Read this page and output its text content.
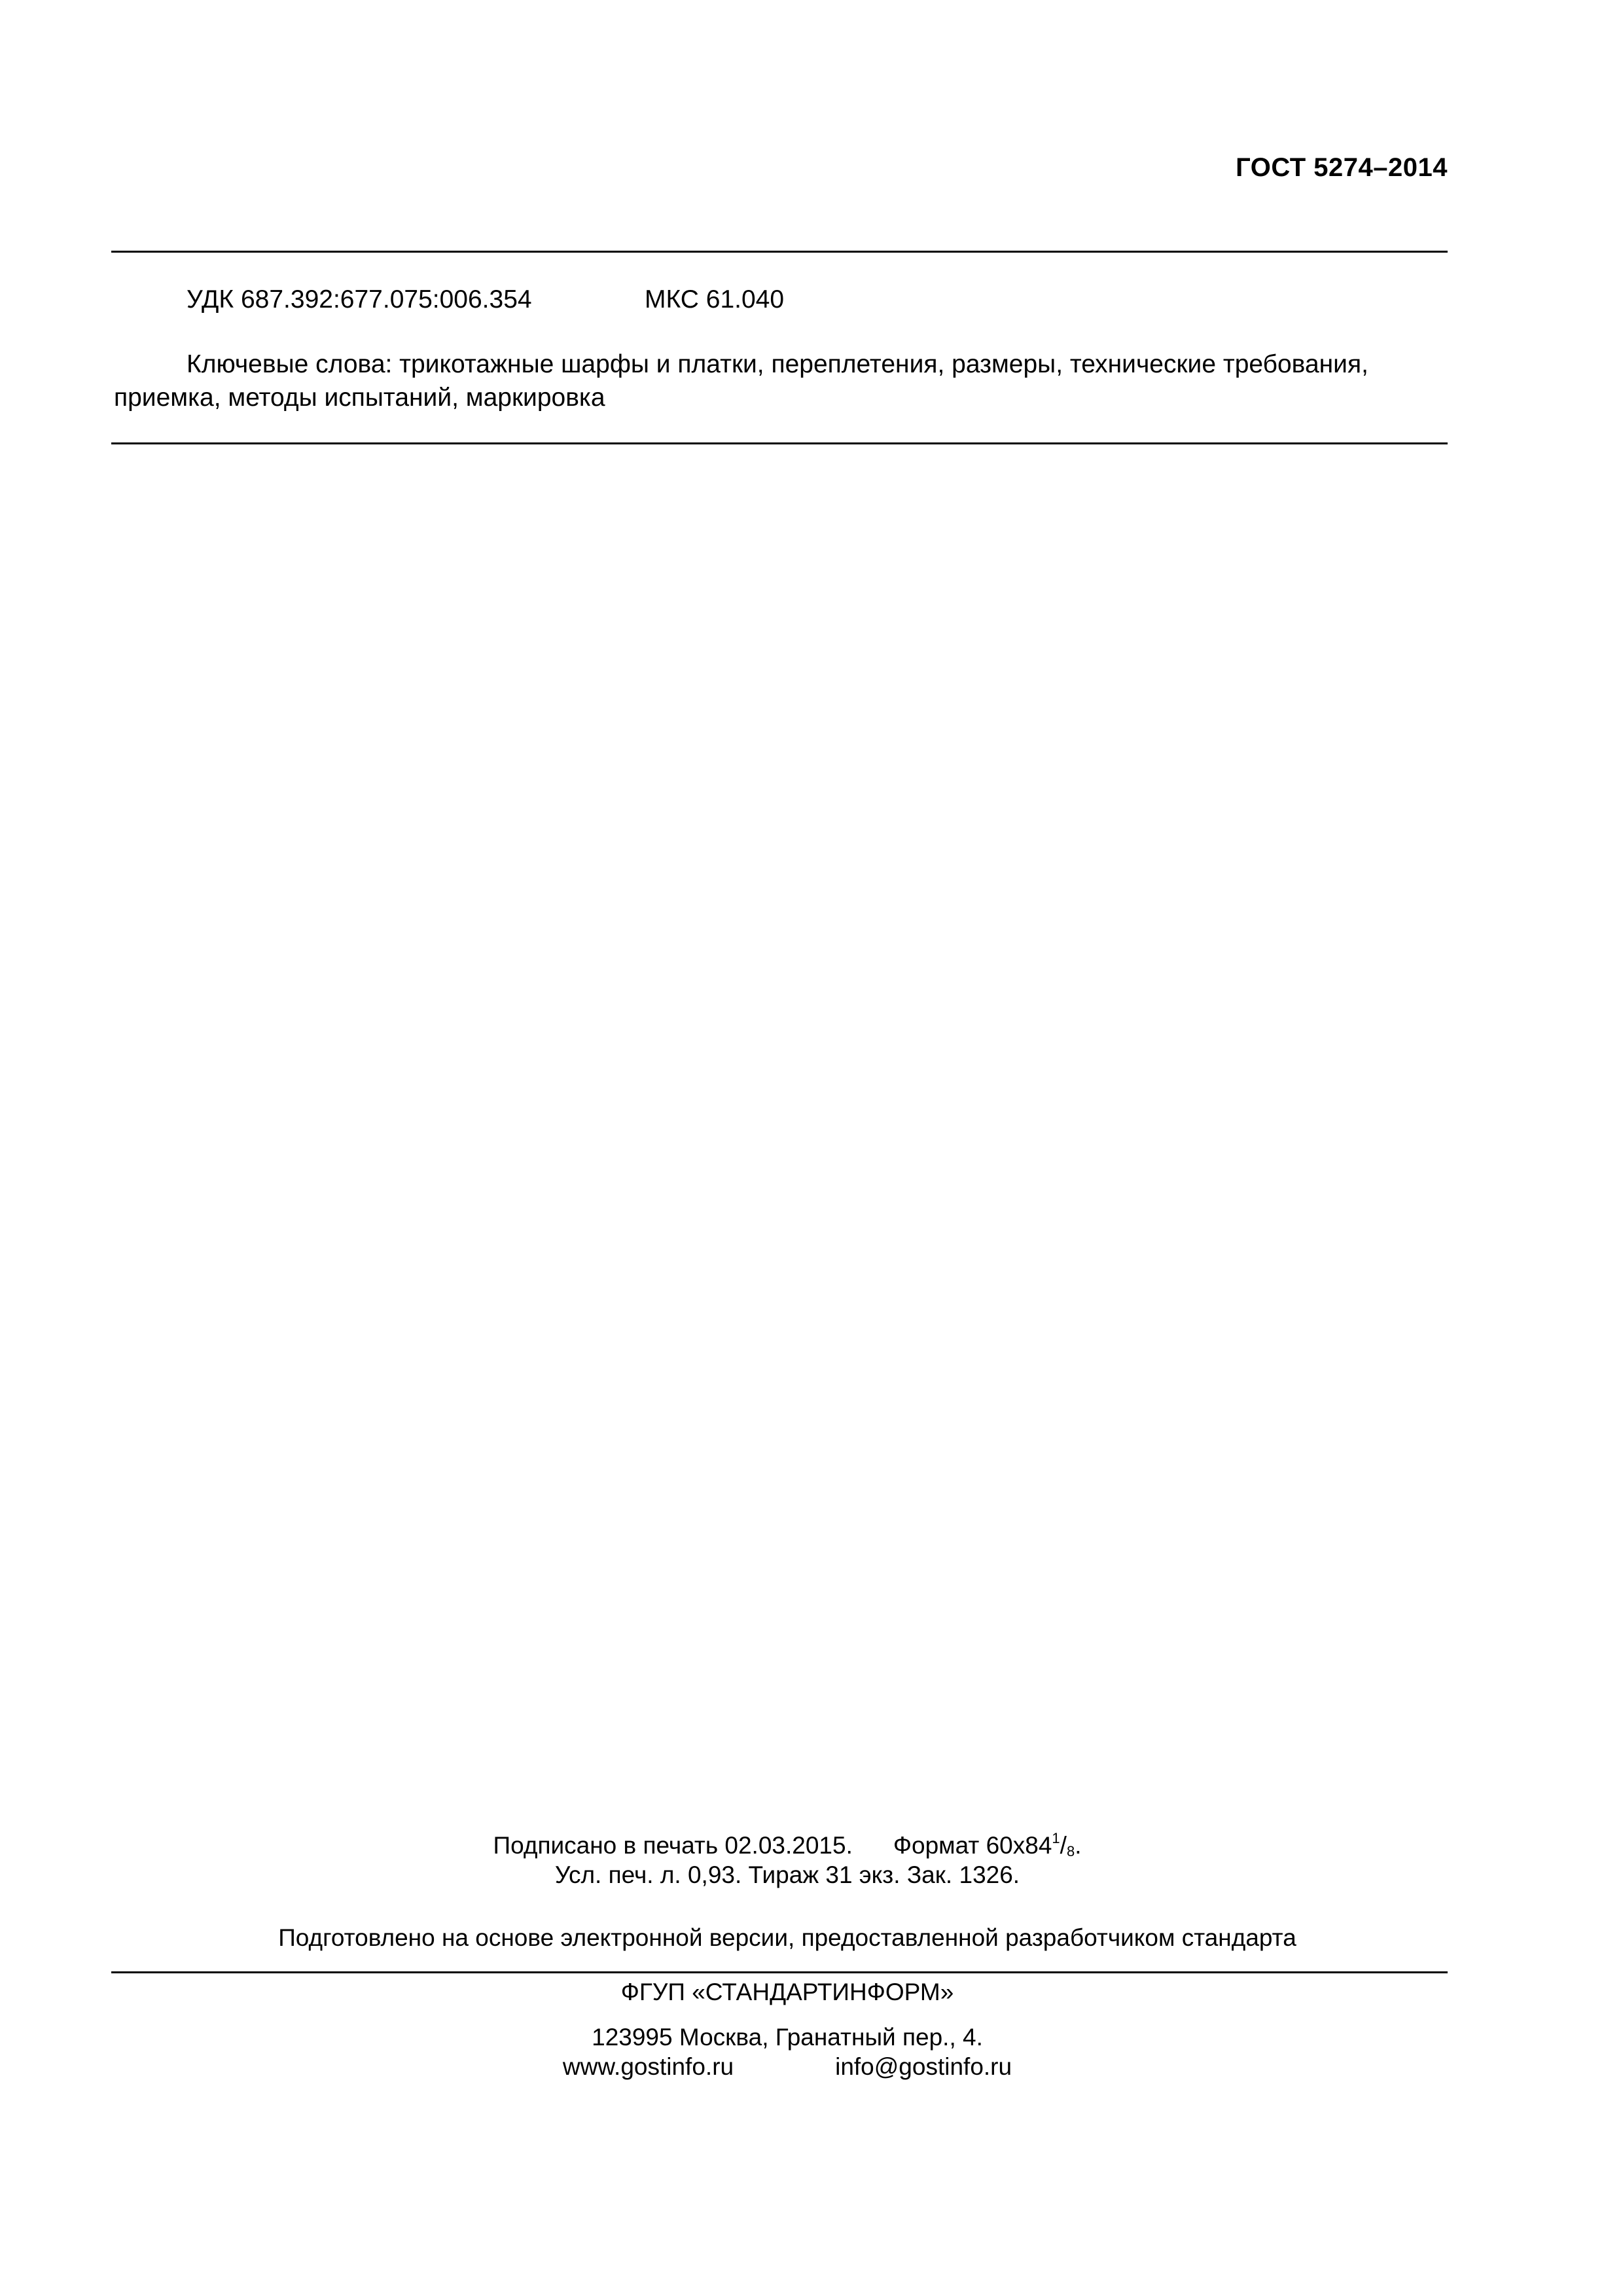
ГОСТ 5274–2014
УДК 687.392:677.075:006.354	МКС 61.040
Ключевые слова: трикотажные шарфы и платки, переплетения, размеры, технические требования, приемка, методы испытаний, маркировка
Подписано в печать 02.03.2015. Формат $60х84^1/_8$.
Усл. печ. л. 0,93. Тираж 31 экз. Зак. 1326.
Подготовлено на основе электронной версии, предоставленной разработчиком стандарта
ФГУП «СТАНДАРТИНФОРМ»
123995 Москва, Гранатный пер., 4.
www.gostinfo.ru	info@gostinfo.ru
